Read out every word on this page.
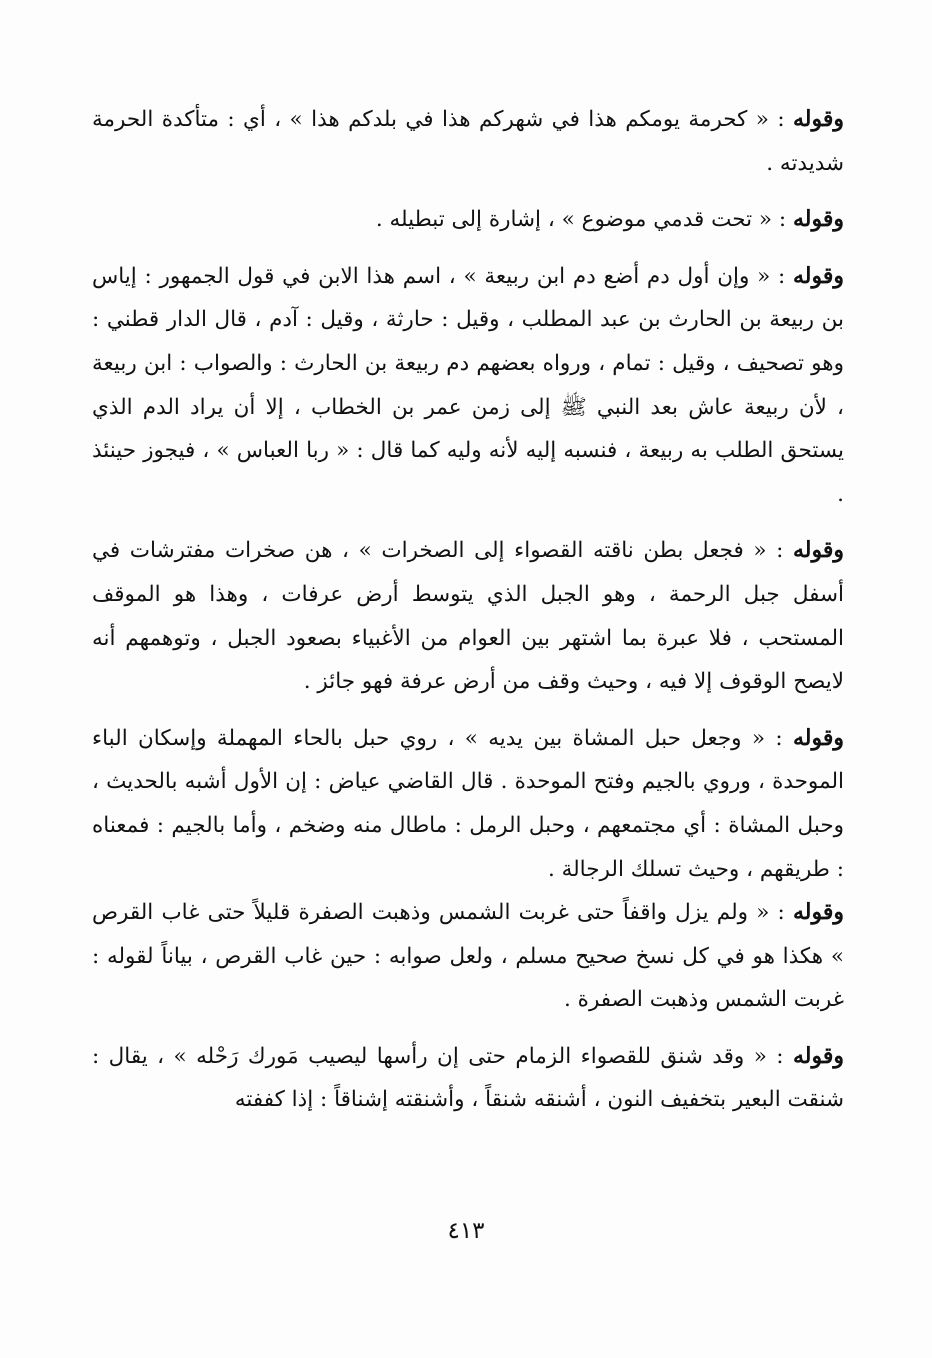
وقوله : « كحرمة يومكم هذا في شهركم هذا في بلدكم هذا » ، أي : متأكدة الحرمة شديدته .

وقوله : « تحت قدمي موضوع » ، إشارة إلى تبطيله .

وقوله : « وإن أول دم أضع دم ابن ربيعة » ، اسم هذا الابن في قول الجمهور : إياس بن ربيعة بن الحارث بن عبد المطلب ، وقيل : حارثة ، وقيل : آدم ، قال الدار قطني : وهو تصحيف ، وقيل : تمام ، ورواه بعضهم دم ربيعة بن الحارث : والصواب : ابن ربيعة ، لأن ربيعة عاش بعد النبي ﷺ إلى زمن عمر بن الخطاب ، إلا أن يراد الدم الذي يستحق الطلب به ربيعة ، فنسبه إليه لأنه وليه كما قال : « ربا العباس » ، فيجوز حينئذ .

وقوله : « فجعل بطن ناقته القصواء إلى الصخرات » ، هن صخرات مفترشات في أسفل جبل الرحمة ، وهو الجبل الذي يتوسط أرض عرفات ، وهذا هو الموقف المستحب ، فلا عبرة بما اشتهر بين العوام من الأغبياء بصعود الجبل ، وتوهمهم أنه لايصح الوقوف إلا فيه ، وحيث وقف من أرض عرفة فهو جائز .

وقوله : « وجعل حبل المشاة بين يديه » ، روي حبل بالحاء المهملة وإسكان الباء الموحدة ، وروي بالجيم وفتح الموحدة . قال القاضي عياض : إن الأول أشبه بالحديث ، وحبل المشاة : أي مجتمعهم ، وحبل الرمل : ماطال منه وضخم ، وأما بالجيم : فمعناه : طريقهم ، وحيث تسلك الرجالة .

وقوله : « ولم يزل واقفاً حتى غربت الشمس وذهبت الصفرة قليلاً حتى غاب القرص » هكذا هو في كل نسخ صحيح مسلم ، ولعل صوابه : حين غاب القرص ، بياناً لقوله : غربت الشمس وذهبت الصفرة .

وقوله : « وقد شنق للقصواء الزمام حتى إن رأسها ليصيب مَورك رَحْله » ، يقال : شنقت البعير بتخفيف النون ، أشنقه شنقاً ، وأشنقته إشناقاً : إذا كففته

٤١٣
